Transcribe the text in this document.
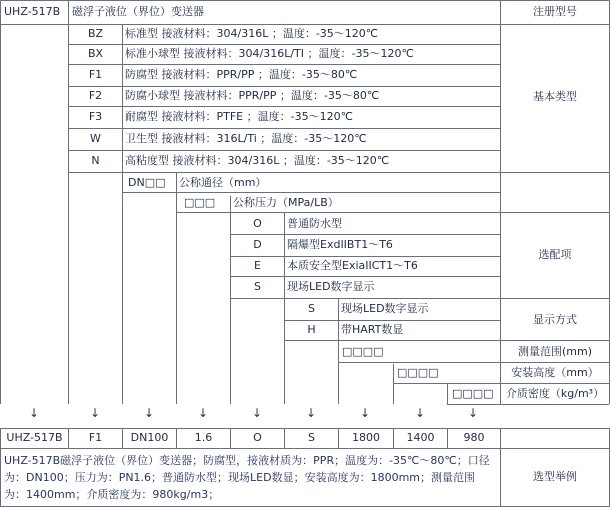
UHZ-517B 磁浮子液位（界位）变送器	注册型号
BZ	标准型 接液材料：304/316L ；温度：-35～120℃
BX	标准小球型 接液材料：304/316L/TI ；温度：-35～120℃
F1	防腐型 接液材料：PPR/PP ；温度：-35～80℃
F2	防腐小球型 接液材料：PPR/PP ；温度：-35～80℃
F3	耐腐型 接液材料：PTFE ；温度：-35～120℃
W	卫生型 接液材料：316L/Ti ；温度：-35～120℃
N	高粘度型 接液材料：304/316L ；温度：-35～120℃
基本类型
DN□□ 公称通径（mm）
□□□ 公称压力（MPa/LB）
O	普通防水型
D	隔爆型ExdIIBT1～T6
E	本质安全型ExiaIICT1～T6
S	现场LED数字显示
选配项
S	现场LED数字显示
H	带HART数显
显示方式
□□□□	测量范围(mm)
□□□□	安装高度（mm）
□□□□	介质密度（kg/m³）
↓	↓	↓	↓	↓	↓	↓	↓	↓
UHZ-517B	F1	DN100	1.6	O	S	1800	1400	980
UHZ-517B磁浮子液位（界位）变送器；防腐型，接液材质为：PPR；温度为：-35℃～80℃；口径为：DN100；压力为：PN1.6；普通防水型；现场LED数显；安装高度为：1800mm；测量范围为：1400mm；介质密度为：980kg/m3；
选型举例
